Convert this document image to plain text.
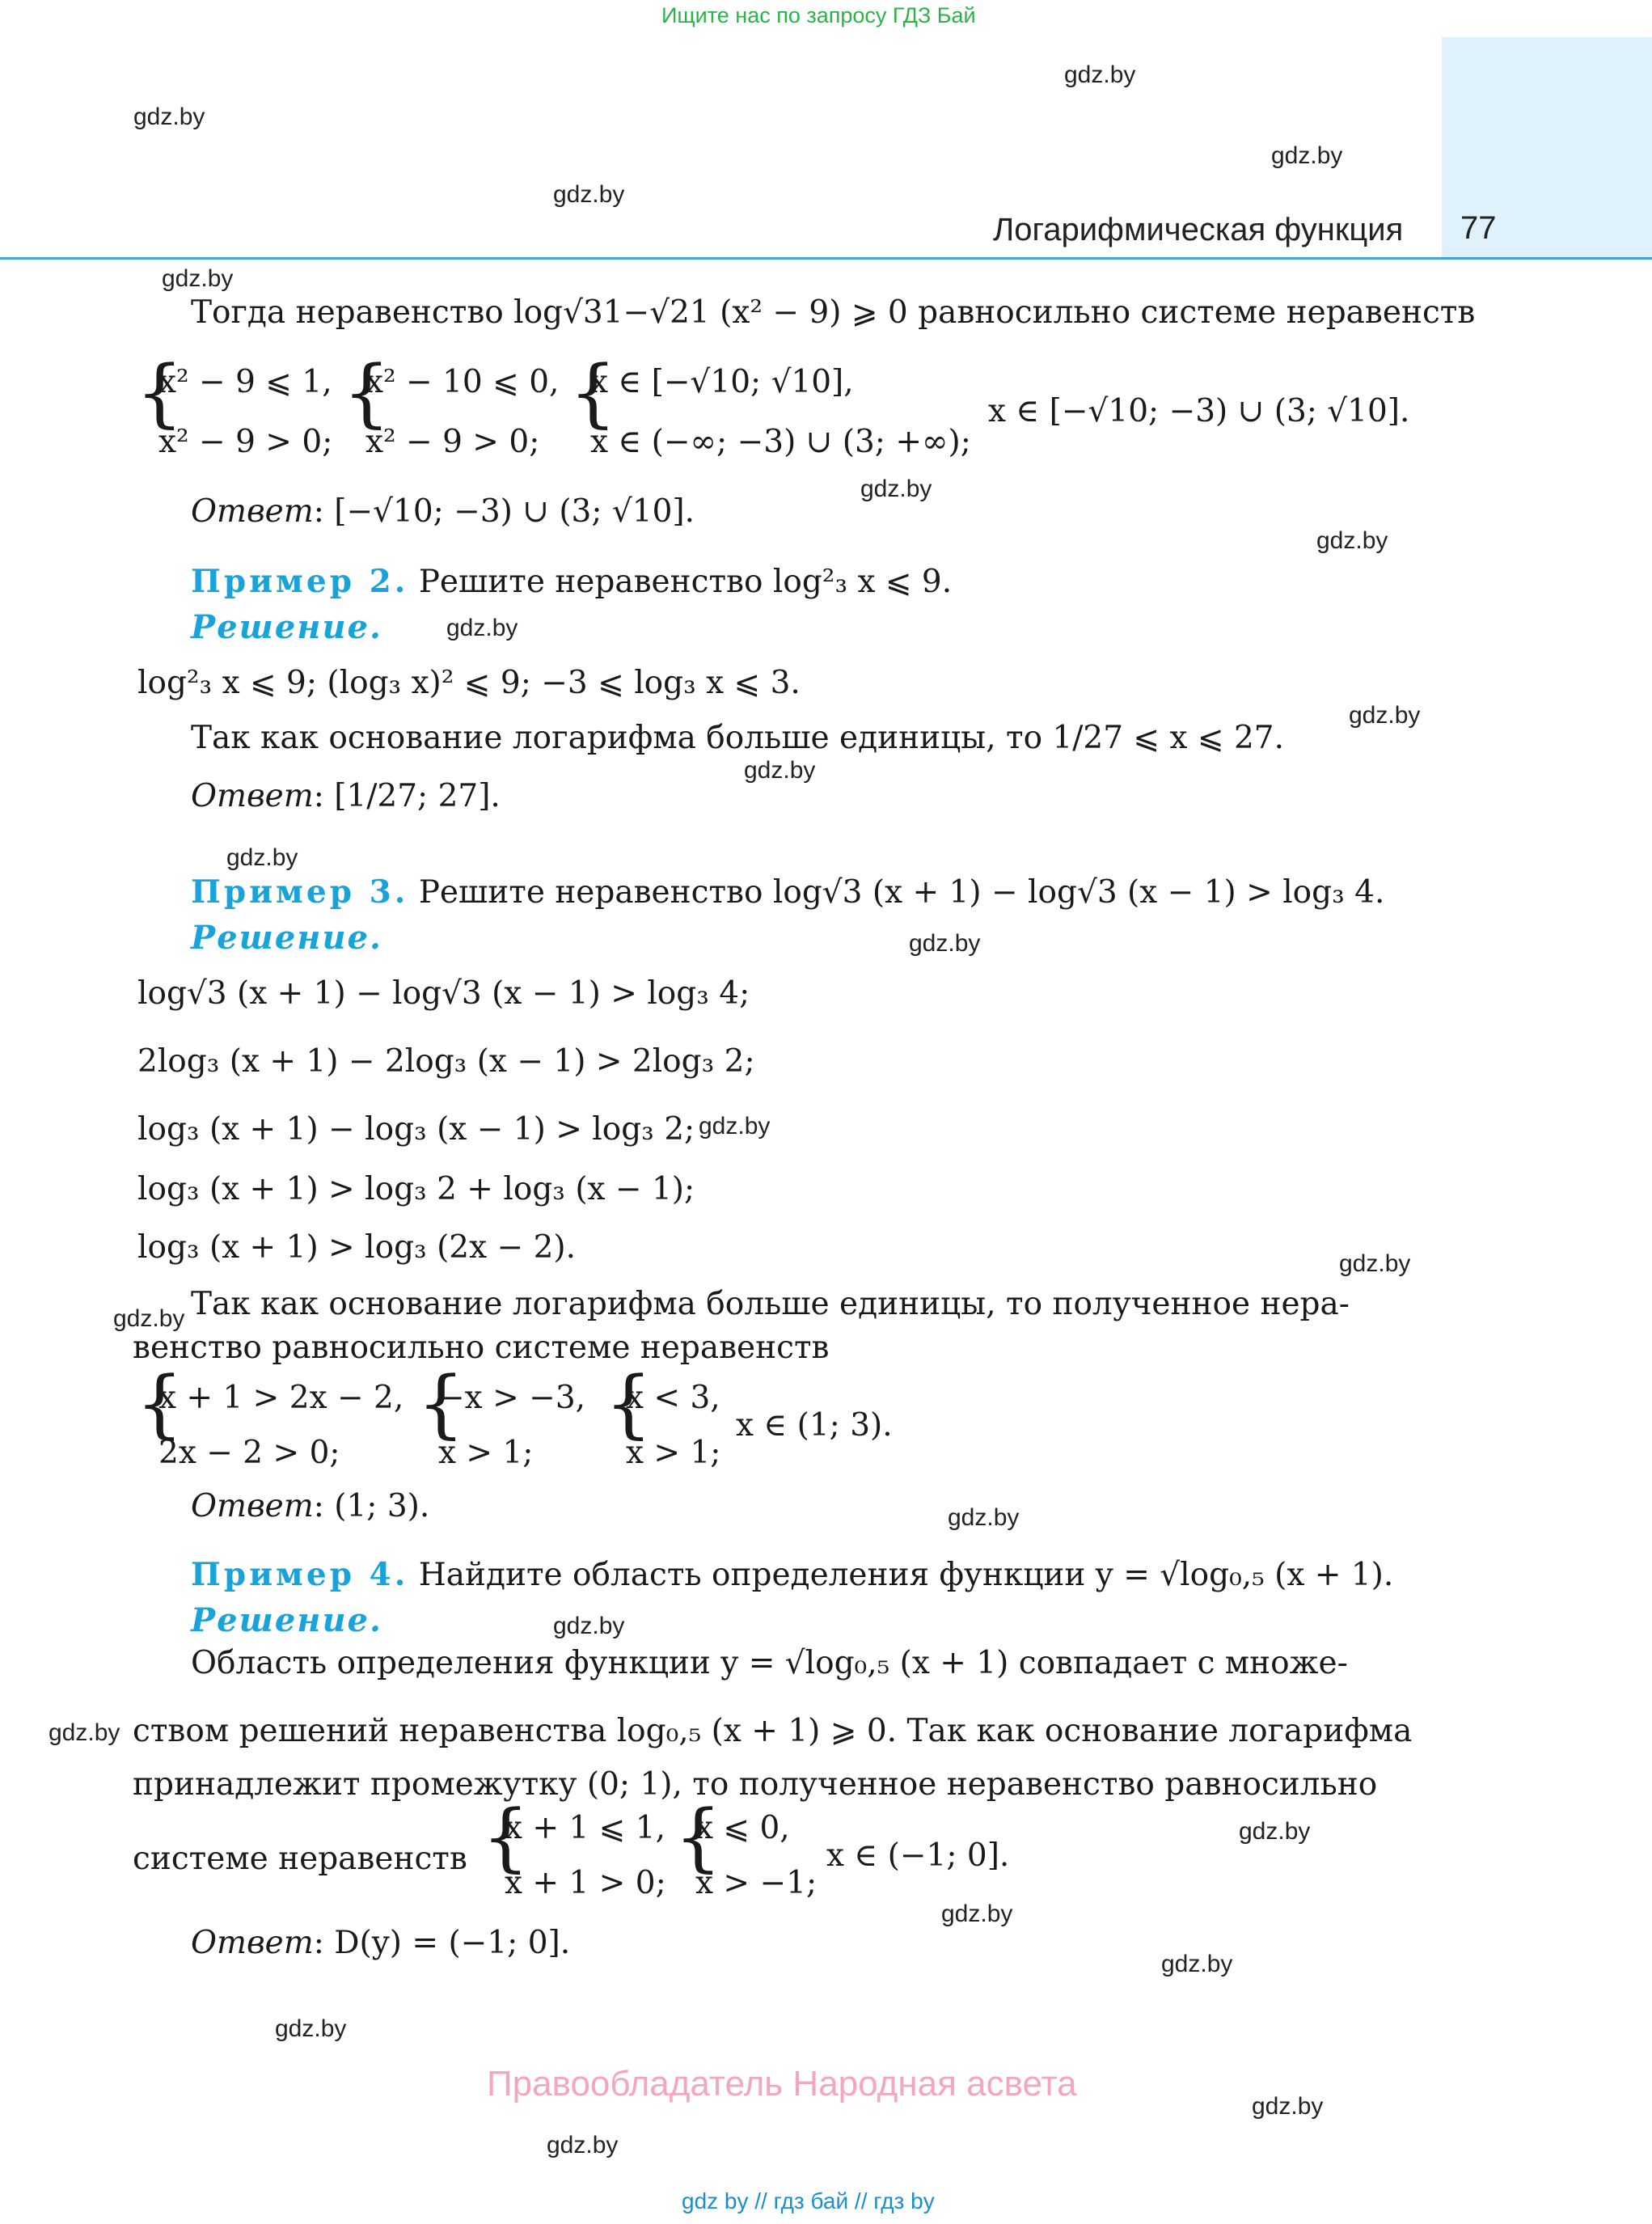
Ищите нас по запросу ГДЗ Бай
Логарифмическая функция 77
gdz.by
gdz.by
gdz.by
gdz.by
gdz.by
gdz.by
gdz.by
gdz.by
gdz.by
gdz.by
gdz.by
gdz.by
gdz.by
gdz.by
gdz.by
gdz.by
gdz.by
gdz.by
gdz.by
gdz.by
gdz.by
gdz.by
gdz.by
gdz.by
Тогда неравенство log√31−√21 (x² − 9) ⩾ 0 равносильно системе неравенств
{
x² − 9 ⩽ 1,
x² − 9 > 0;
{
x² − 10 ⩽ 0,
x² − 9 > 0;
{
x ∈ [−√10; √10],
x ∈ (−∞; −3) ∪ (3; +∞);
x ∈ [−√10; −3) ∪ (3; √10].
Ответ: [−√10; −3) ∪ (3; √10].
Пример 2. Решите неравенство log²₃ x ⩽ 9.
Решение.
log²₃ x ⩽ 9; (log₃ x)² ⩽ 9; −3 ⩽ log₃ x ⩽ 3.
Так как основание логарифма больше единицы, то 1/27 ⩽ x ⩽ 27.
Ответ: [1/27; 27].
Пример 3. Решите неравенство log√3 (x + 1) − log√3 (x − 1) > log₃ 4.
Решение.
log√3 (x + 1) − log√3 (x − 1) > log₃ 4;
2log₃ (x + 1) − 2log₃ (x − 1) > 2log₃ 2;
log₃ (x + 1) − log₃ (x − 1) > log₃ 2;
log₃ (x + 1) > log₃ 2 + log₃ (x − 1);
log₃ (x + 1) > log₃ (2x − 2).
Так как основание логарифма больше единицы, то полученное нера-
венство равносильно системе неравенств
{
x + 1 > 2x − 2,
2x − 2 > 0;
{
−x > −3,
x > 1;
{
x < 3,
x > 1;
x ∈ (1; 3).
Ответ: (1; 3).
Пример 4. Найдите область определения функции y = √log₀,₅ (x + 1).
Решение.
Область определения функции y = √log₀,₅ (x + 1) совпадает с множе-
ством решений неравенства log₀,₅ (x + 1) ⩾ 0. Так как основание логарифма
принадлежит промежутку (0; 1), то полученное неравенство равносильно
системе неравенств {
x + 1 ⩽ 1,
x + 1 > 0;
{
x ⩽ 0,
x > −1;
x ∈ (−1; 0].
Ответ: D(y) = (−1; 0].
Правообладатель Народная асвета
gdz by // гдз бай // гдз by
